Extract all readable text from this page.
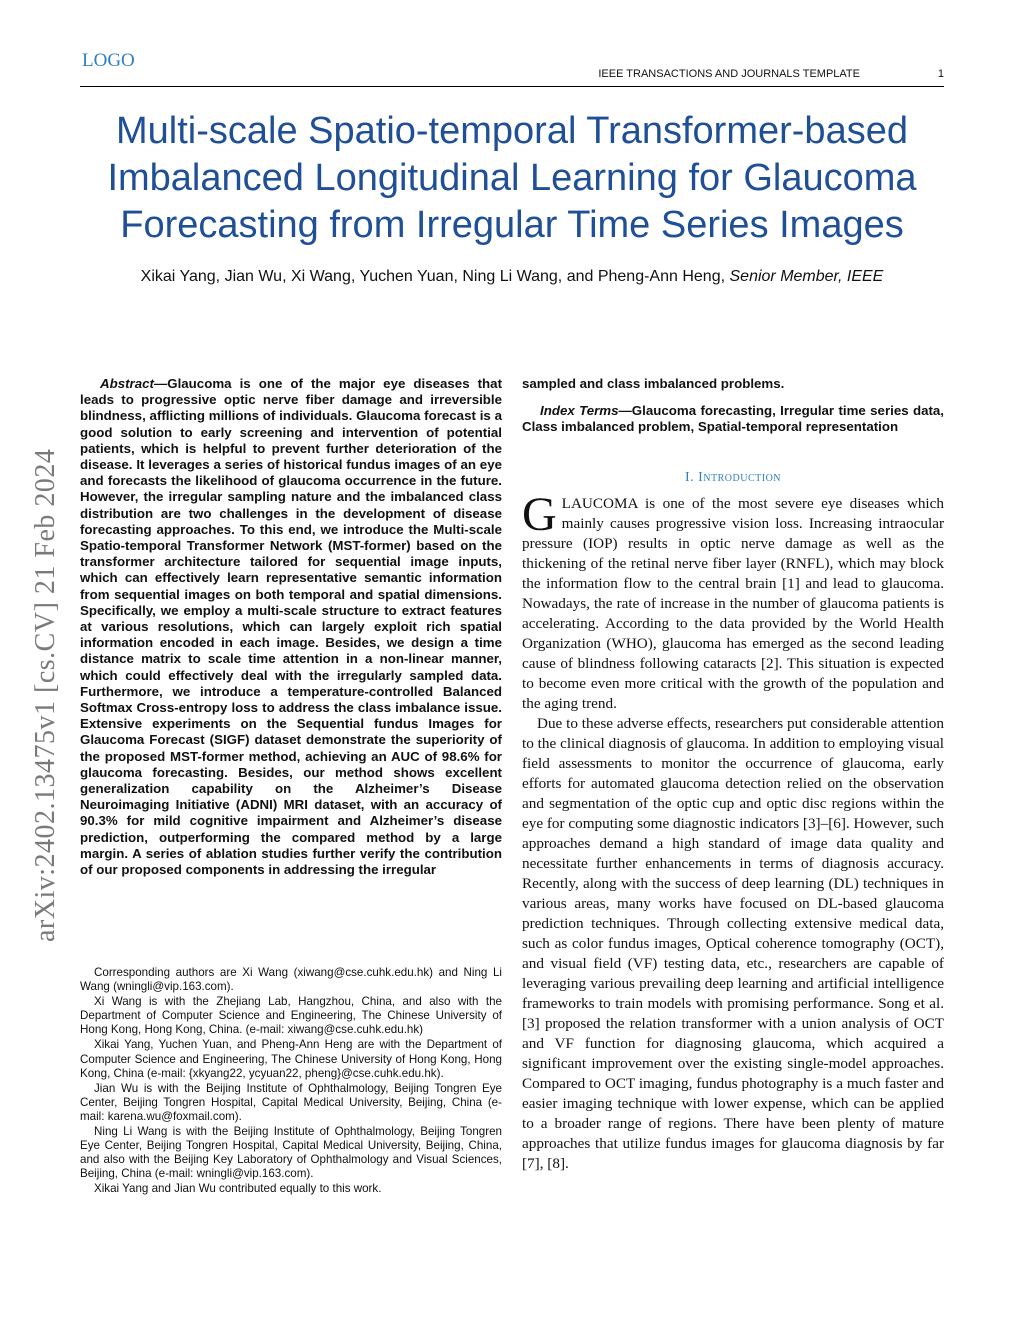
LOGO
IEEE TRANSACTIONS AND JOURNALS TEMPLATE	1
Multi-scale Spatio-temporal Transformer-based Imbalanced Longitudinal Learning for Glaucoma Forecasting from Irregular Time Series Images
Xikai Yang, Jian Wu, Xi Wang, Yuchen Yuan, Ning Li Wang, and Pheng-Ann Heng, Senior Member, IEEE
arXiv:2402.13475v1 [cs.CV] 21 Feb 2024

Abstract—Glaucoma is one of the major eye diseases that leads to progressive optic nerve fiber damage and irreversible blindness, afflicting millions of individuals. Glaucoma forecast is a good solution to early screening and intervention of potential patients, which is helpful to prevent further deterioration of the disease. It leverages a series of historical fundus images of an eye and forecasts the likelihood of glaucoma occurrence in the future. However, the irregular sampling nature and the imbalanced class distribution are two challenges in the development of disease forecasting approaches. To this end, we introduce the Multi-scale Spatio-temporal Transformer Network (MST-former) based on the transformer architecture tailored for sequential image inputs, which can effectively learn representative semantic information from sequential images on both temporal and spatial dimensions. Specifically, we employ a multi-scale structure to extract features at various resolutions, which can largely exploit rich spatial information encoded in each image. Besides, we design a time distance matrix to scale time attention in a non-linear manner, which could effectively deal with the irregularly sampled data. Furthermore, we introduce a temperature-controlled Balanced Softmax Cross-entropy loss to address the class imbalance issue. Extensive experiments on the Sequential fundus Images for Glaucoma Forecast (SIGF) dataset demonstrate the superiority of the proposed MST-former method, achieving an AUC of 98.6% for glaucoma forecasting. Besides, our method shows excellent generalization capability on the Alzheimer’s Disease Neuroimaging Initiative (ADNI) MRI dataset, with an accuracy of 90.3% for mild cognitive impairment and Alzheimer’s disease prediction, outperforming the compared method by a large margin. A series of ablation studies further verify the contribution of our proposed components in addressing the irregular

Corresponding authors are Xi Wang (xiwang@cse.cuhk.edu.hk) and Ning Li Wang (wningli@vip.163.com).

Xi Wang is with the Zhejiang Lab, Hangzhou, China, and also with the Department of Computer Science and Engineering, The Chinese University of Hong Kong, Hong Kong, China. (e-mail: xiwang@cse.cuhk.edu.hk)

Xikai Yang, Yuchen Yuan, and Pheng-Ann Heng are with the Department of Computer Science and Engineering, The Chinese University of Hong Kong, Hong Kong, China (e-mail: {xkyang22, ycyuan22, pheng}@cse.cuhk.edu.hk).

Jian Wu is with the Beijing Institute of Ophthalmology, Beijing Tongren Eye Center, Beijing Tongren Hospital, Capital Medical University, Beijing, China (e-mail: karena.wu@foxmail.com).

Ning Li Wang is with the Beijing Institute of Ophthalmology, Beijing Tongren Eye Center, Beijing Tongren Hospital, Capital Medical University, Beijing, China, and also with the Beijing Key Laboratory of Ophthalmology and Visual Sciences, Beijing, China (e-mail: wningli@vip.163.com).

Xikai Yang and Jian Wu contributed equally to this work.

sampled and class imbalanced problems.

Index Terms—Glaucoma forecasting, Irregular time series data, Class imbalanced problem, Spatial-temporal representation

I. Introduction

GLAUCOMA is one of the most severe eye diseases which mainly causes progressive vision loss. Increasing intraocular pressure (IOP) results in optic nerve damage as well as the thickening of the retinal nerve fiber layer (RNFL), which may block the information flow to the central brain [1] and lead to glaucoma. Nowadays, the rate of increase in the number of glaucoma patients is accelerating. According to the data provided by the World Health Organization (WHO), glaucoma has emerged as the second leading cause of blindness following cataracts [2]. This situation is expected to become even more critical with the growth of the population and the aging trend.

Due to these adverse effects, researchers put considerable attention to the clinical diagnosis of glaucoma. In addition to employing visual field assessments to monitor the occurrence of glaucoma, early efforts for automated glaucoma detection relied on the observation and segmentation of the optic cup and optic disc regions within the eye for computing some diagnostic indicators [3]–[6]. However, such approaches demand a high standard of image data quality and necessitate further enhancements in terms of diagnosis accuracy. Recently, along with the success of deep learning (DL) techniques in various areas, many works have focused on DL-based glaucoma prediction techniques. Through collecting extensive medical data, such as color fundus images, Optical coherence tomography (OCT), and visual field (VF) testing data, etc., researchers are capable of leveraging various prevailing deep learning and artificial intelligence frameworks to train models with promising performance. Song et al. [3] proposed the relation transformer with a union analysis of OCT and VF function for diagnosing glaucoma, which acquired a significant improvement over the existing single-model approaches. Compared to OCT imaging, fundus photography is a much faster and easier imaging technique with lower expense, which can be applied to a broader range of regions. There have been plenty of mature approaches that utilize fundus images for glaucoma diagnosis by far [7], [8].
